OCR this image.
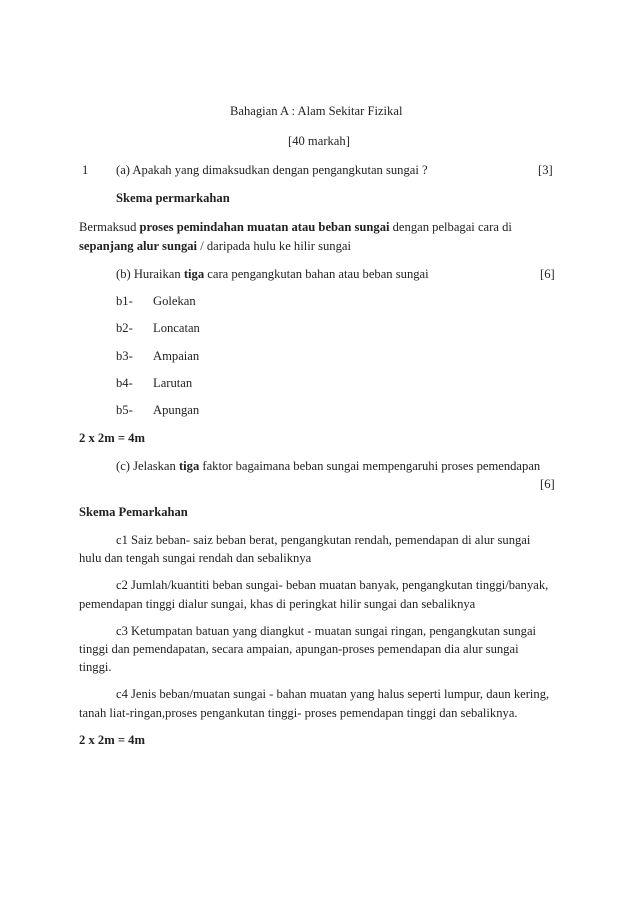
Bahagian A : Alam Sekitar Fizikal
[40 markah]
1 (a) Apakah yang dimaksudkan dengan pengangkutan sungai ?	[3]
Skema permarkahan
Bermaksud proses pemindahan muatan atau beban sungai dengan pelbagai cara di
sepanjang alur sungai / daripada hulu ke hilir sungai
(b) Huraikan tiga cara pengangkutan bahan atau beban sungai	[6]
b1- Golekan
b2- Loncatan
b3- Ampaian
b4- Larutan
b5- Apungan
2 x 2m = 4m
(c) Jelaskan tiga faktor bagaimana beban sungai mempengaruhi proses pemendapan
[6]
Skema Pemarkahan
c1 Saiz beban- saiz beban berat, pengangkutan rendah, pemendapan di alur sungai
hulu dan tengah sungai rendah dan sebaliknya
c2 Jumlah/kuantiti beban sungai- beban muatan banyak, pengangkutan tinggi/banyak,
pemendapan tinggi dialur sungai, khas di peringkat hilir sungai dan sebaliknya
c3 Ketumpatan batuan yang diangkut - muatan sungai ringan, pengangkutan sungai
tinggi dan pemendapatan, secara ampaian, apungan-proses pemendapan dia alur sungai
tinggi.
c4 Jenis beban/muatan sungai - bahan muatan yang halus seperti lumpur, daun kering,
tanah liat-ringan,proses pengankutan tinggi- proses pemendapan tinggi dan sebaliknya.
2 x 2m = 4m
